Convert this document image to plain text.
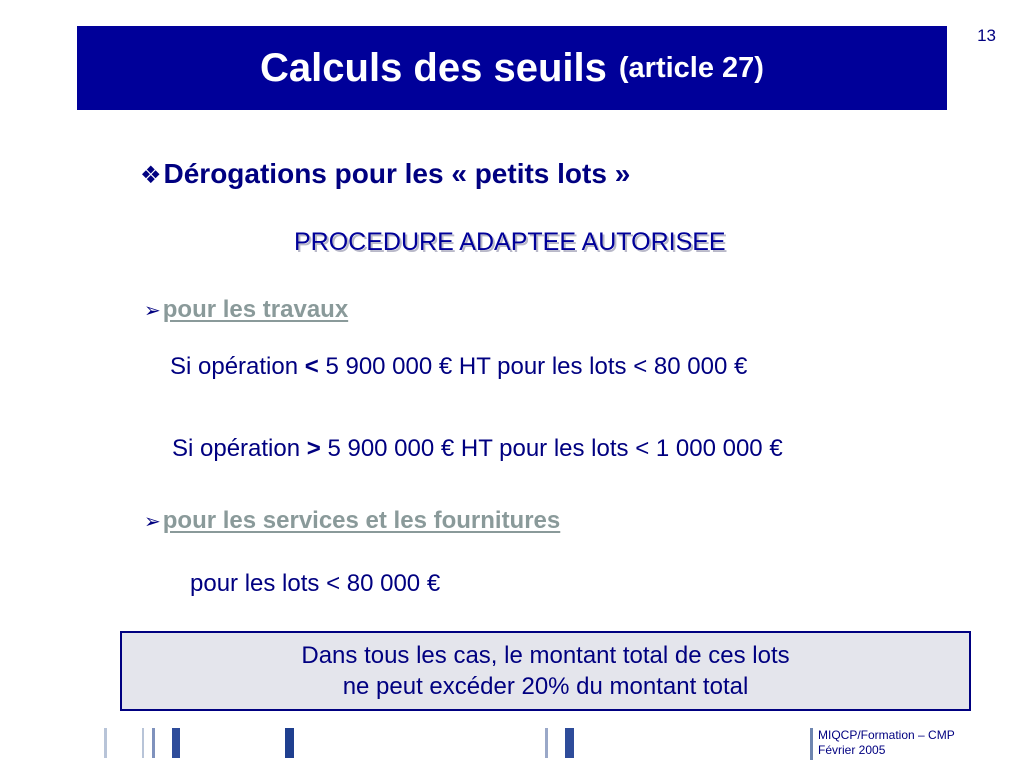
13
Calculs des seuils (article 27)
❖Dérogations pour les « petits lots »
PROCEDURE ADAPTEE AUTORISEE
➢ pour les travaux
Si opération < 5 900 000 € HT pour les lots < 80 000 €
Si opération > 5 900 000 € HT pour les lots < 1 000 000 €
➢ pour les services et les fournitures
pour les lots < 80 000 €
Dans tous les cas, le montant total de ces lots
ne peut excéder 20% du montant total
MIQCP/Formation – CMP
Février 2005
